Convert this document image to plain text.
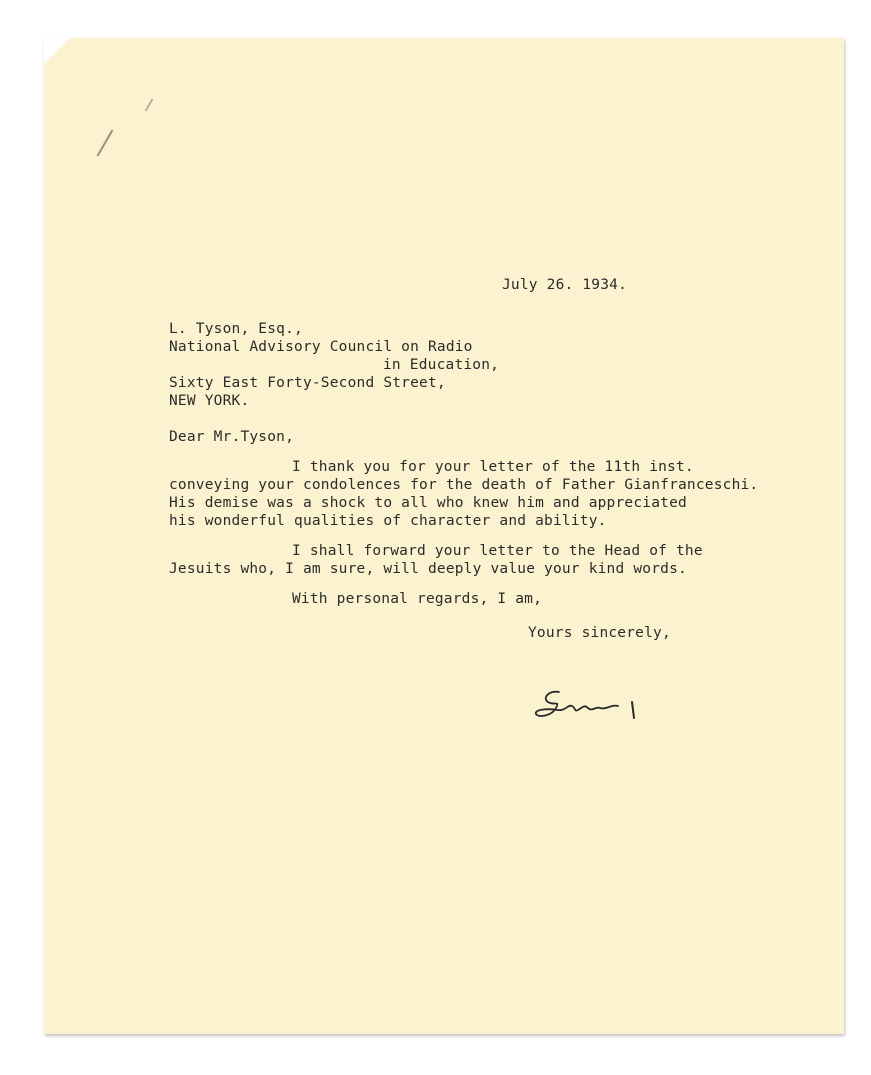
July 26. 1934.
L. Tyson, Esq.,
National Advisory Council on Radio
in Education,
Sixty East Forty-Second Street,
NEW YORK.
Dear Mr.Tyson,
I thank you for your letter of the 11th inst.
conveying your condolences for the death of Father Gianfranceschi.
His demise was a shock to all who knew him and appreciated
his wonderful qualities of character and ability.
I shall forward your letter to the Head of the
Jesuits who, I am sure, will deeply value your kind words.
With personal regards, I am,
Yours sincerely,
